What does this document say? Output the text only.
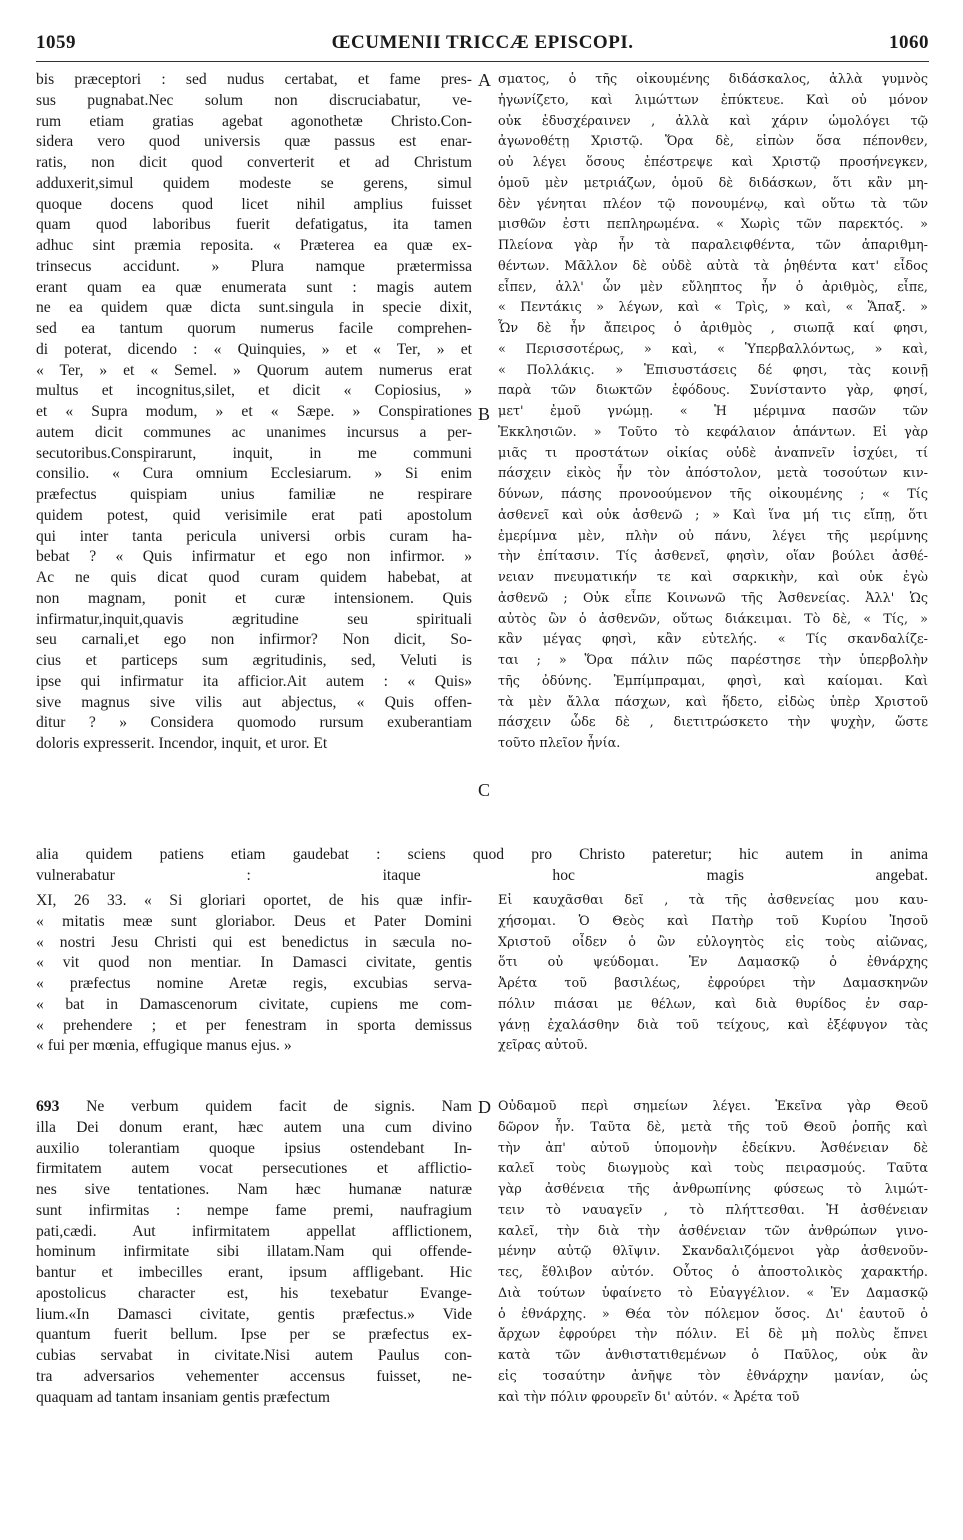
1059	ŒCUMENII TRICCÆ EPISCOPI.	1060
A
B
C
D
bis præceptori : sed nudus certabat, et fame pres-
sus pugnabat.Nec solum non discruciabatur, ve-
rum etiam gratias agebat agonothetæ Christo.Con-
sidera vero quod universis quæ passus est enar-
ratis, non dicit quod converterit et ad Christum
adduxerit,simul quidem modeste se gerens, simul
quoque docens quod licet nihil amplius fuisset
quam quod laboribus fuerit defatigatus, ita tamen
adhuc sint præmia reposita. « Præterea ea quæ ex-
trinsecus accidunt. » Plura namque prætermissa
erant quam ea quæ enumerata sunt : magis autem
ne ea quidem quæ dicta sunt.singula in specie dixit,
sed ea tantum quorum numerus facile comprehen-
di poterat, dicendo : « Quinquies, » et « Ter, » et
« Ter, » et « Semel. » Quorum autem numerus erat
multus et incognitus,silet, et dicit « Copiosius, »
et « Supra modum, » et « Sæpe. » Conspirationes
autem dicit communes ac unanimes incursus a per-
secutoribus.Conspirarunt, inquit, in me communi
consilio. « Cura omnium Ecclesiarum. » Si enim
præfectus quispiam unius familiæ ne respirare
quidem potest, quid verisimile erat pati apostolum
qui inter tanta pericula universi orbis curam ha-
bebat ? « Quis infirmatur et ego non infirmor. »
Ac ne quis dicat quod curam quidem habebat, at
non magnam, ponit et curæ intensionem. Quis
infirmatur,inquit,quavis ægritudine seu spirituali
seu carnali,et ego non infirmor? Non dicit, So-
cius et particeps sum ægritudinis, sed, Veluti is
ipse qui infirmatur ita afficior.Ait autem : « Quis»
sive magnus sive vilis aut abjectus, « Quis offen-
ditur ? » Considera quomodo rursum exuberantiam
doloris expresserit. Incendor, inquit, et uror. Et
σματος, ὁ τῆς οἰκουμένης διδάσκαλος, ἀλλὰ γυμνὸς
ἠγωνίζετο, καὶ λιμώττων ἐπύκτευε. Καὶ οὐ μόνον
οὐκ ἐδυσχέραινεν , ἀλλὰ καὶ χάριν ὡμολόγει τῷ
ἀγωνοθέτῃ Χριστῷ. Ὅρα δὲ, εἰπὼν ὅσα πέπονθεν,
οὐ λέγει ὅσους ἐπέστρεψε καὶ Χριστῷ προσήνεγκεν,
ὁμοῦ μὲν μετριάζων, ὁμοῦ δὲ διδάσκων, ὅτι κἂν μη-
δὲν γένηται πλέον τῷ πονουμένῳ, καὶ οὕτω τὰ τῶν
μισθῶν ἐστι πεπληρωμένα. « Χωρὶς τῶν παρεκτός. »
Πλείονα γὰρ ἦν τὰ παραλειφθέντα, τῶν ἀπαριθμη-
θέντων. Μᾶλλον δὲ οὐδὲ αὐτὰ τὰ ῥηθέντα κατ' εἶδος
εἶπεν, ἀλλ' ὧν μὲν εὔληπτος ἦν ὁ ἀριθμὸς, εἶπε,
« Πεντάκις » λέγων, καὶ « Τρὶς, » καὶ, « Ἅπαξ. »
Ὧν δὲ ἦν ἄπειρος ὁ ἀριθμὸς , σιωπᾷ καί φησι,
« Περισσοτέρως, » καὶ, « Ὑπερβαλλόντως, » καὶ,
« Πολλάκις. » Ἐπισυστάσεις δέ φησι, τὰς κοινῇ
παρὰ τῶν διωκτῶν ἐφόδους. Συνίσταντο γὰρ, φησί,
μετ' ἐμοῦ γνώμῃ. « Ἡ μέριμνα πασῶν τῶν
Ἐκκλησιῶν. » Τοῦτο τὸ κεφάλαιον ἁπάντων. Εἰ γὰρ
μιᾶς τι προστάτων οἰκίας οὐδὲ ἀναπνεῖν ἰσχύει, τί
πάσχειν εἰκὸς ἦν τὸν ἀπόστολον, μετὰ τοσούτων κιν-
δύνων, πάσης προνοούμενον τῆς οἰκουμένης ; « Τίς
ἀσθενεῖ καὶ οὐκ ἀσθενῶ ; » Καὶ ἵνα μή τις εἴπῃ, ὅτι
ἐμερίμνα μὲν, πλὴν οὐ πάνυ, λέγει τῆς μερίμνης
τὴν ἐπίτασιν. Τίς ἀσθενεῖ, φησὶν, οἵαν βούλει ἀσθέ-
νειαν πνευματικήν τε καὶ σαρκικὴν, καὶ οὐκ ἐγὼ
ἀσθενῶ ; Οὐκ εἶπε Κοινωνῶ τῆς Ἀσθενείας. Ἀλλ' Ὡς
αὐτὸς ὢν ὁ ἀσθενῶν, οὕτως διάκειμαι. Τὸ δὲ, « Τίς, »
κἂν μέγας φησὶ, κἂν εὐτελής. « Τίς σκανδαλίζε-
ται ; » Ὅρα πάλιν πῶς παρέστησε τὴν ὑπερβολὴν
τῆς ὀδύνης. Ἐμπίμπραμαι, φησὶ, καὶ καίομαι. Καὶ
τὰ μὲν ἄλλα πάσχων, καὶ ἥδετο, εἰδὼς ὑπὲρ Χριστοῦ
πάσχειν ὧδε δὲ , διετιτρώσκετο τὴν ψυχὴν, ὥστε
τοῦτο πλεῖον ἦνία.
alia quidem patiens etiam gaudebat : sciens quod pro Christo pateretur; hic autem in anima
vulnerabatur : itaque hoc magis angebat.
XI, 26 33. « Si gloriari oportet, de his quæ infir-
« mitatis meæ sunt gloriabor. Deus et Pater Domini
« nostri Jesu Christi qui est benedictus in sæcula no-
« vit quod non mentiar. In Damasci civitate, gentis
« præfectus nomine Aretæ regis, excubias serva-
« bat in Damascenorum civitate, cupiens me com-
« prehendere ; et per fenestram in sporta demissus
« fui per mœnia, effugique manus ejus. »
Εἰ καυχᾶσθαι δεῖ , τὰ τῆς ἀσθενείας μου καυ-
χήσομαι. Ὁ Θεὸς καὶ Πατὴρ τοῦ Κυρίου Ἰησοῦ
Χριστοῦ οἶδεν ὁ ὢν εὐλογητὸς εἰς τοὺς αἰῶνας,
ὅτι οὐ ψεύδομαι. Ἐν Δαμασκῷ ὁ ἐθνάρχης
Ἀρέτα τοῦ βασιλέως, ἐφρούρει τὴν Δαμασκηνῶν
πόλιν πιάσαι με θέλων, καὶ διὰ θυρίδος ἐν σαρ-
γάνῃ ἐχαλάσθην διὰ τοῦ τείχους, καὶ ἐξέφυγον τὰς
χεῖρας αὐτοῦ.
693 Ne verbum quidem facit de signis. Nam
illa Dei donum erant, hæc autem una cum divino
auxilio tolerantiam quoque ipsius ostendebant In-
firmitatem autem vocat persecutiones et afflictio-
nes sive tentationes. Nam hæc humanæ naturæ
sunt infirmitas : nempe fame premi, naufragium
pati,cædi. Aut infirmitatem appellat afflictionem,
hominum infirmitate sibi illatam.Nam qui offende-
bantur et imbecilles erant, ipsum affligebant. Hic
apostolicus character est, his texebatur Evange-
lium.«In Damasci civitate, gentis præfectus.» Vide
quantum fuerit bellum. Ipse per se præfectus ex-
cubias servabat in civitate.Nisi autem Paulus con-
tra adversarios vehementer accensus fuisset, ne-
quaquam ad tantam insaniam gentis præfectum
Οὐδαμοῦ περὶ σημείων λέγει. Ἐκεῖνα γὰρ Θεοῦ
δῶρον ἦν. Ταῦτα δὲ, μετὰ τῆς τοῦ Θεοῦ ῥοπῆς καὶ
τὴν ἀπ' αὐτοῦ ὑπομονὴν ἐδείκνυ. Ἀσθένειαν δὲ
καλεῖ τοὺς διωγμοὺς καὶ τοὺς πειρασμούς. Ταῦτα
γὰρ ἀσθένεια τῆς ἀνθρωπίνης φύσεως τὸ λιμώτ-
τειν τὸ ναυαγεῖν , τὸ πλήττεσθαι. Ἡ ἀσθένειαν
καλεῖ, τὴν διὰ τὴν ἀσθένειαν τῶν ἀνθρώπων γινο-
μένην αὐτῷ θλῖψιν. Σκανδαλιζόμενοι γὰρ ἀσθενοῦν-
τες, ἔθλιβον αὐτόν. Οὗτος ὁ ἀποστολικὸς χαρακτήρ.
Διὰ τούτων ὑφαίνετο τὸ Εὐαγγέλιον. « Ἐν Δαμασκῷ
ὁ ἐθνάρχης. » Θέα τὸν πόλεμον ὅσος. Δι' ἑαυτοῦ ὁ
ἄρχων ἐφρούρει τὴν πόλιν. Εἰ δὲ μὴ πολὺς ἔπνει
κατὰ τῶν ἀνθιστατιθεμένων ὁ Παῦλος, οὐκ ἂν
εἰς τοσαύτην ἀνῆψε τὸν ἐθνάρχην μανίαν, ὡς
καὶ τὴν πόλιν φρουρεῖν δι' αὐτόν. « Ἀρέτα τοῦ
